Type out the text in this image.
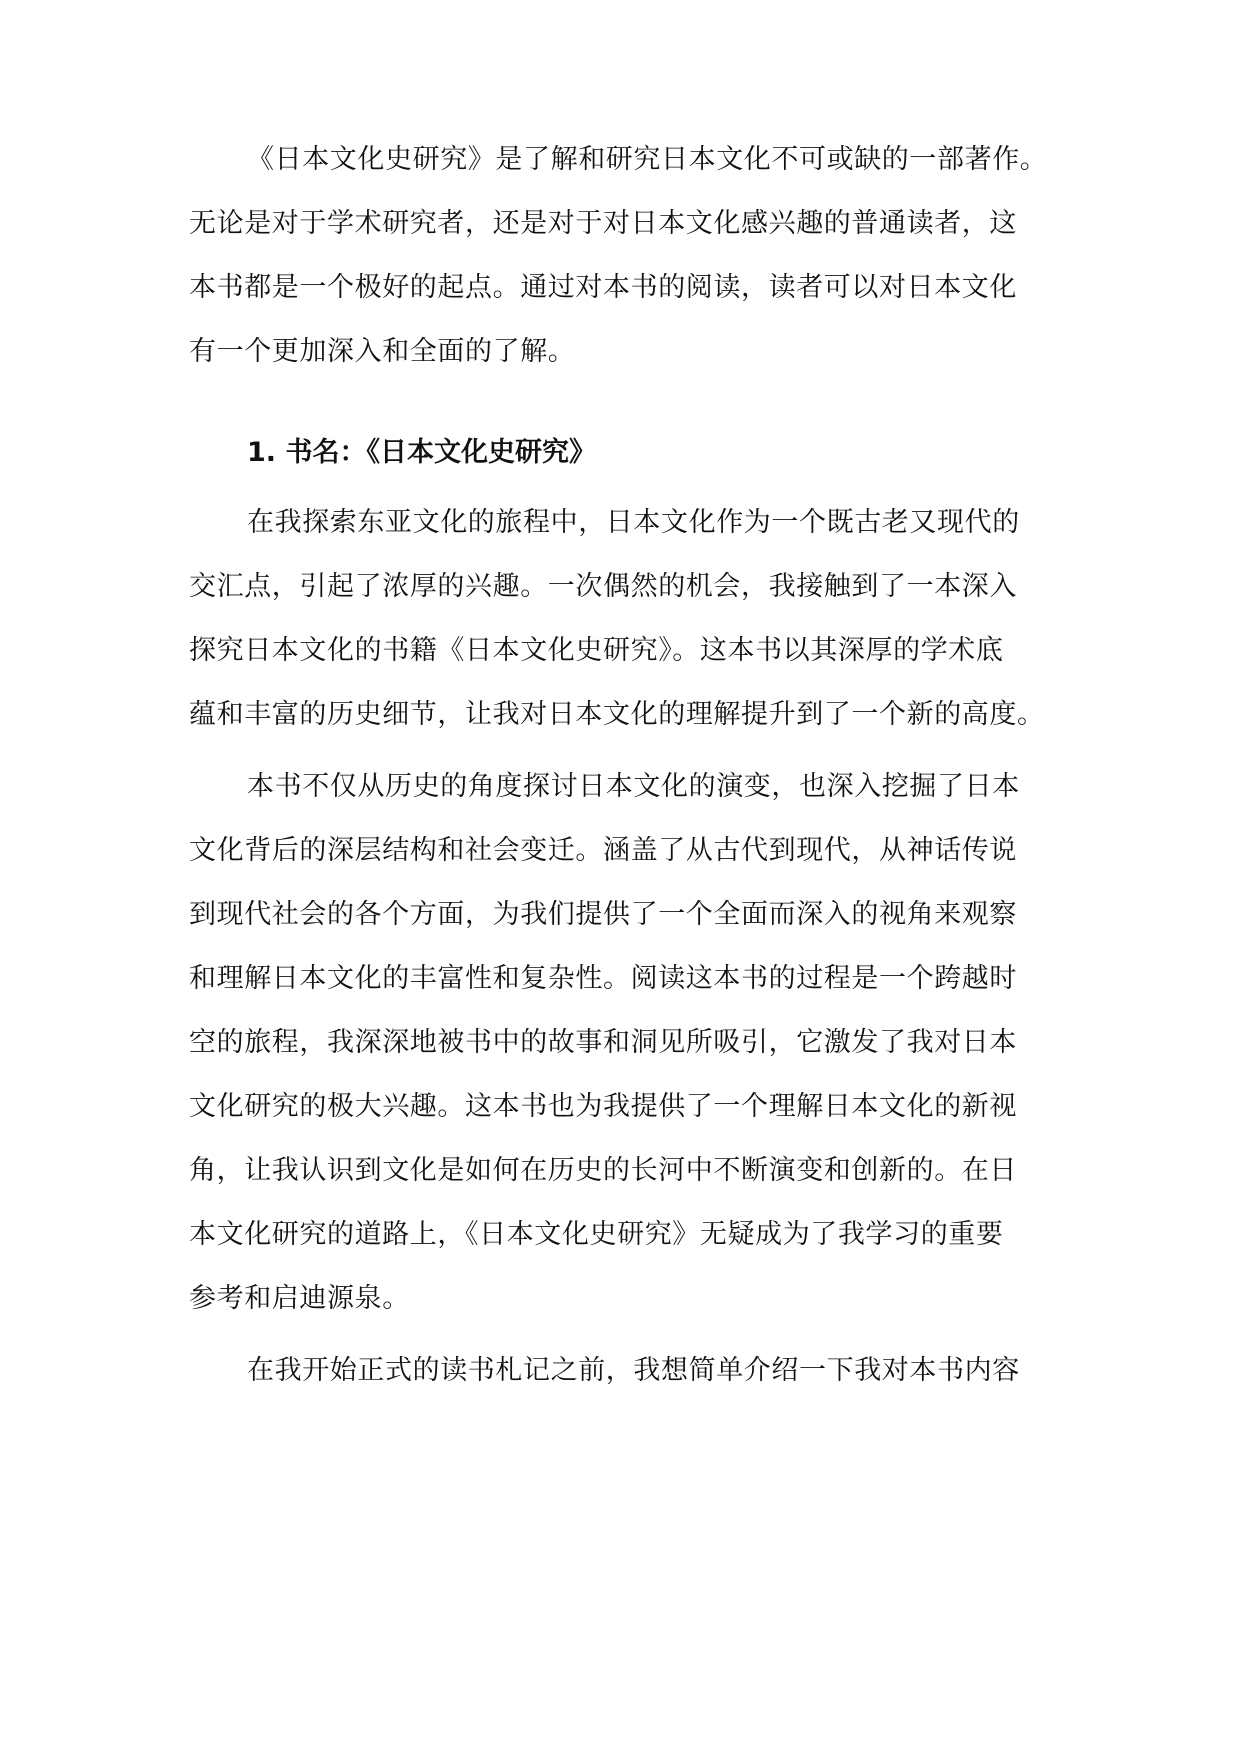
《日本文化史研究》是了解和研究日本文化不可或缺的一部著作。
无论是对于学术研究者，还是对于对日本文化感兴趣的普通读者，这
本书都是一个极好的起点。通过对本书的阅读，读者可以对日本文化
有一个更加深入和全面的了解。
1. 书名：《日本文化史研究》
在我探索东亚文化的旅程中，日本文化作为一个既古老又现代的
交汇点，引起了浓厚的兴趣。一次偶然的机会，我接触到了一本深入
探究日本文化的书籍《日本文化史研究》。这本书以其深厚的学术底
蕴和丰富的历史细节，让我对日本文化的理解提升到了一个新的高度。
本书不仅从历史的角度探讨日本文化的演变，也深入挖掘了日本
文化背后的深层结构和社会变迁。涵盖了从古代到现代，从神话传说
到现代社会的各个方面，为我们提供了一个全面而深入的视角来观察
和理解日本文化的丰富性和复杂性。阅读这本书的过程是一个跨越时
空的旅程，我深深地被书中的故事和洞见所吸引，它激发了我对日本
文化研究的极大兴趣。这本书也为我提供了一个理解日本文化的新视
角，让我认识到文化是如何在历史的长河中不断演变和创新的。在日
本文化研究的道路上，《日本文化史研究》无疑成为了我学习的重要
参考和启迪源泉。
在我开始正式的读书札记之前，我想简单介绍一下我对本书内容
